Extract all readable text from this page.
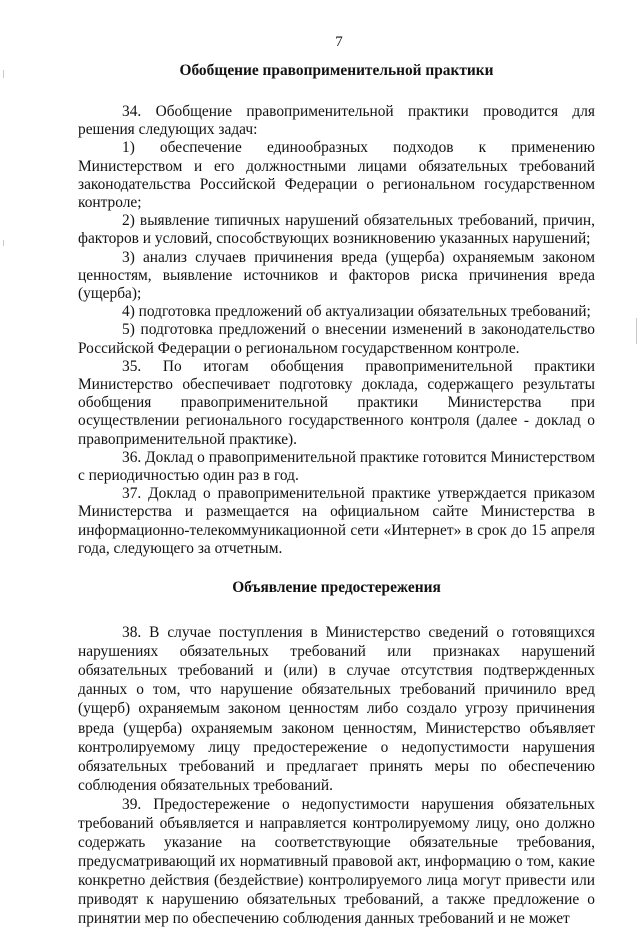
7
Обобщение правоприменительной практики

34. Обобщение правоприменительной практики проводится для решения следующих задач:

1) обеспечение единообразных подходов к применению Министерством и его должностными лицами обязательных требований законодательства Российской Федерации о региональном государственном контроле;

2) выявление типичных нарушений обязательных требований, причин, факторов и условий, способствующих возникновению указанных нарушений;

3) анализ случаев причинения вреда (ущерба) охраняемым законом ценностям, выявление источников и факторов риска причинения вреда (ущерба);

4) подготовка предложений об актуализации обязательных требований;

5) подготовка предложений о внесении изменений в законодательство Российской Федерации о региональном государственном контроле.

35. По итогам обобщения правоприменительной практики Министерство обеспечивает подготовку доклада, содержащего результаты обобщения правоприменительной практики Министерства при осуществлении регионального государственного контроля (далее - доклад о правоприменительной практике).

36. Доклад о правоприменительной практике готовится Министерством с периодичностью один раз в год.

37. Доклад о правоприменительной практике утверждается приказом Министерства и размещается на официальном сайте Министерства в информационно-телекоммуникационной сети «Интернет» в срок до 15 апреля года, следующего за отчетным.

Объявление предостережения

38. В случае поступления в Министерство сведений о готовящихся нарушениях обязательных требований или признаках нарушений обязательных требований и (или) в случае отсутствия подтвержденных данных о том, что нарушение обязательных требований причинило вред (ущерб) охраняемым законом ценностям либо создало угрозу причинения вреда (ущерба) охраняемым законом ценностям, Министерство объявляет контролируемому лицу предостережение о недопустимости нарушения обязательных требований и предлагает принять меры по обеспечению соблюдения обязательных требований.

39. Предостережение о недопустимости нарушения обязательных требований объявляется и направляется контролируемому лицу, оно должно содержать указание на соответствующие обязательные требования, предусматривающий их нормативный правовой акт, информацию о том, какие конкретно действия (бездействие) контролируемого лица могут привести или приводят к нарушению обязательных требований, а также предложение о принятии мер по обеспечению соблюдения данных требований и не может
